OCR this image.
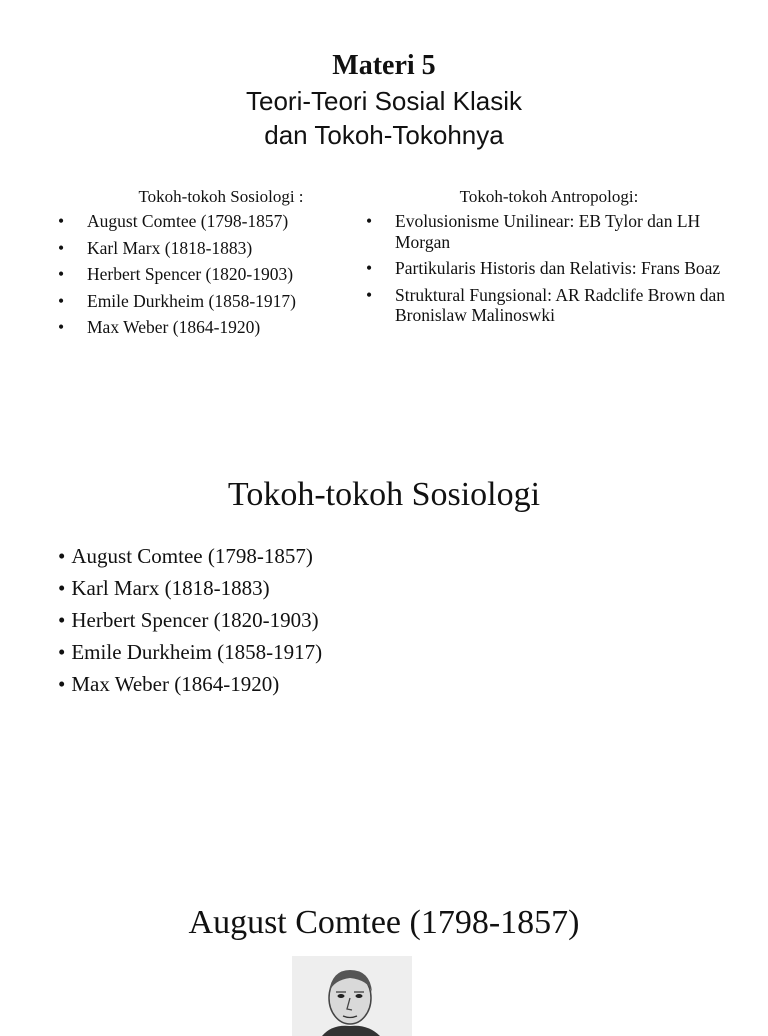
Materi 5
Teori-Teori Sosial Klasik
dan Tokoh-Tokohnya
Tokoh-tokoh Sosiologi :
• August Comtee (1798-1857)
• Karl Marx (1818-1883)
• Herbert Spencer (1820-1903)
• Emile Durkheim (1858-1917)
• Max Weber (1864-1920)
Tokoh-tokoh Antropologi:
• Evolusionisme Unilinear: EB Tylor dan LH Morgan
• Partikularis Historis dan Relativis: Frans Boaz
• Struktural Fungsional: AR Radclife Brown dan Bronislaw Malinoswki
Tokoh-tokoh Sosiologi
• August Comtee (1798-1857)
• Karl Marx (1818-1883)
• Herbert Spencer (1820-1903)
• Emile Durkheim (1858-1917)
• Max Weber (1864-1920)
August Comtee (1798-1857)
